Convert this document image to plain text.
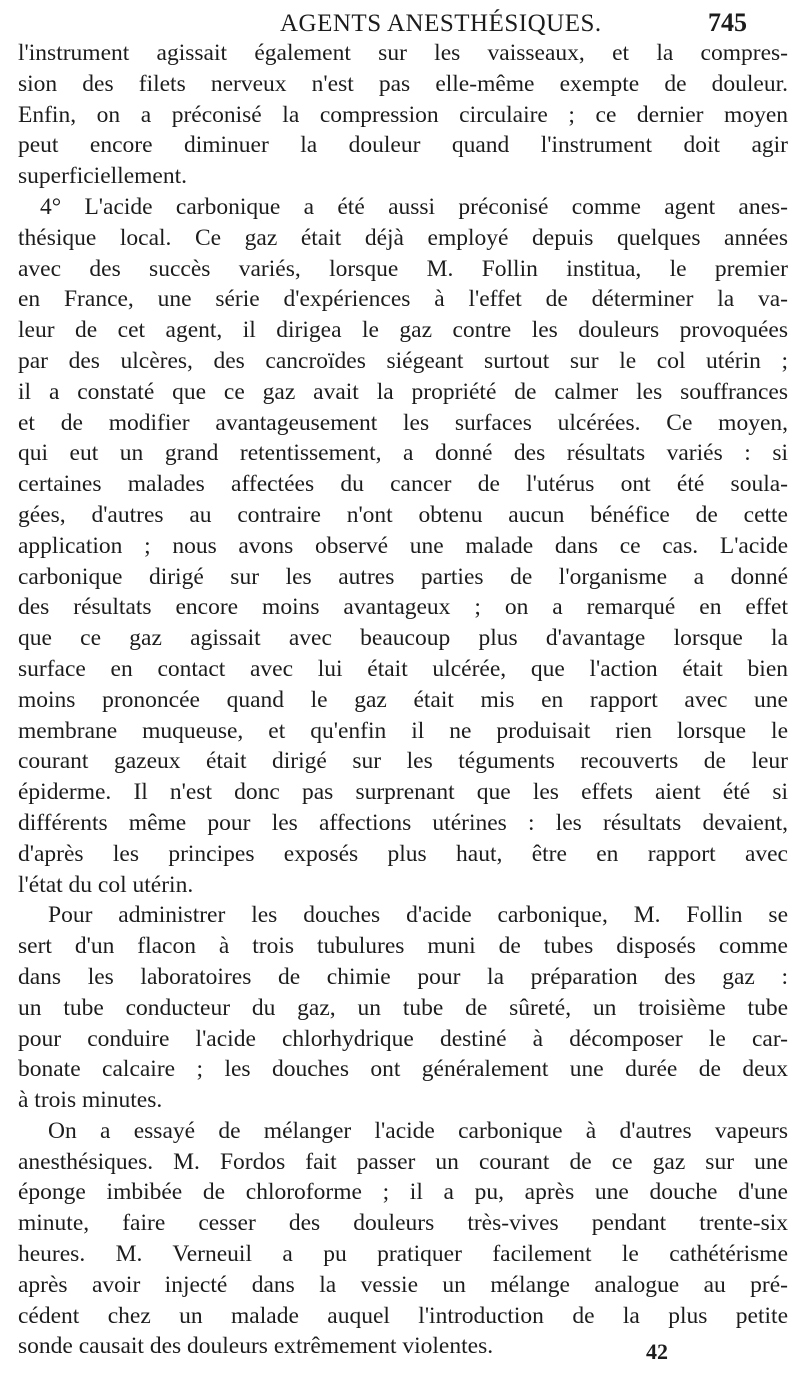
AGENTS ANESTHÉSIQUES.	745
l'instrument agissait également sur les vaisseaux, et la compres-
sion des filets nerveux n'est pas elle-même exempte de douleur.
Enfin, on a préconisé la compression circulaire ; ce dernier moyen
peut encore diminuer la douleur quand l'instrument doit agir
superficiellement.
4° L'acide carbonique a été aussi préconisé comme agent anes-
thésique local. Ce gaz était déjà employé depuis quelques années
avec des succès variés, lorsque M. Follin institua, le premier
en France, une série d'expériences à l'effet de déterminer la va-
leur de cet agent, il dirigea le gaz contre les douleurs provoquées
par des ulcères, des cancroïdes siégeant surtout sur le col utérin ;
il a constaté que ce gaz avait la propriété de calmer les souffrances
et de modifier avantageusement les surfaces ulcérées. Ce moyen,
qui eut un grand retentissement, a donné des résultats variés : si
certaines malades affectées du cancer de l'utérus ont été soula-
gées, d'autres au contraire n'ont obtenu aucun bénéfice de cette
application ; nous avons observé une malade dans ce cas. L'acide
carbonique dirigé sur les autres parties de l'organisme a donné
des résultats encore moins avantageux ; on a remarqué en effet
que ce gaz agissait avec beaucoup plus d'avantage lorsque la
surface en contact avec lui était ulcérée, que l'action était bien
moins prononcée quand le gaz était mis en rapport avec une
membrane muqueuse, et qu'enfin il ne produisait rien lorsque le
courant gazeux était dirigé sur les téguments recouverts de leur
épiderme. Il n'est donc pas surprenant que les effets aient été si
différents même pour les affections utérines : les résultats devaient,
d'après les principes exposés plus haut, être en rapport avec
l'état du col utérin.
Pour administrer les douches d'acide carbonique, M. Follin se
sert d'un flacon à trois tubulures muni de tubes disposés comme
dans les laboratoires de chimie pour la préparation des gaz :
un tube conducteur du gaz, un tube de sûreté, un troisième tube
pour conduire l'acide chlorhydrique destiné à décomposer le car-
bonate calcaire ; les douches ont généralement une durée de deux
à trois minutes.
On a essayé de mélanger l'acide carbonique à d'autres vapeurs
anesthésiques. M. Fordos fait passer un courant de ce gaz sur une
éponge imbibée de chloroforme ; il a pu, après une douche d'une
minute, faire cesser des douleurs très-vives pendant trente-six
heures. M. Verneuil a pu pratiquer facilement le cathétérisme
après avoir injecté dans la vessie un mélange analogue au pré-
cédent chez un malade auquel l'introduction de la plus petite
sonde causait des douleurs extrêmement violentes.	42
